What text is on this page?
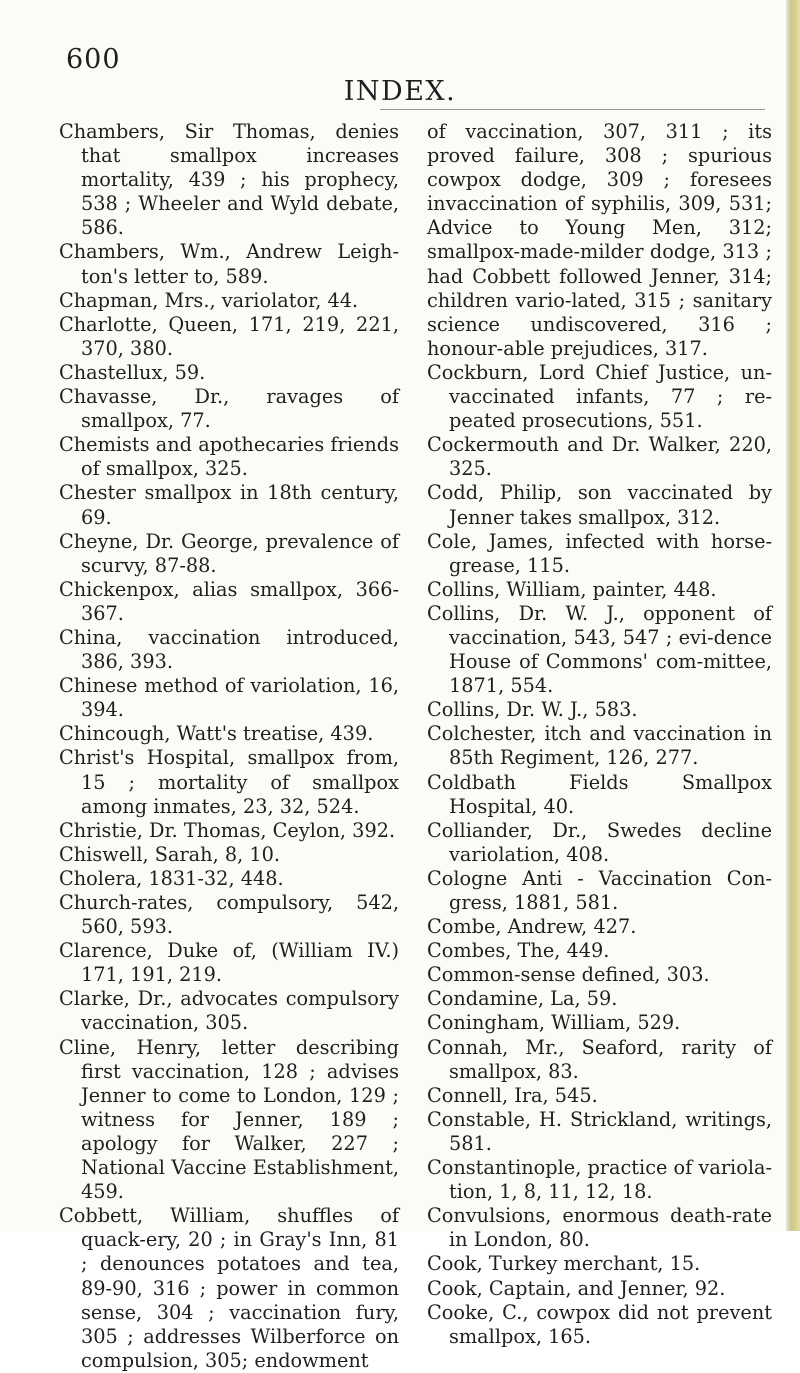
600
INDEX.

Chambers, Sir Thomas, denies that smallpox increases mortality, 439 ; his prophecy, 538 ; Wheeler and Wyld debate, 586.

Chambers, Wm., Andrew Leigh-ton's letter to, 589.

Chapman, Mrs., variolator, 44.

Charlotte, Queen, 171, 219, 221, 370, 380.

Chastellux, 59.

Chavasse, Dr., ravages of smallpox, 77.

Chemists and apothecaries friends of smallpox, 325.

Chester smallpox in 18th century, 69.

Cheyne, Dr. George, prevalence of scurvy, 87-88.

Chickenpox, alias smallpox, 366-367.

China, vaccination introduced, 386, 393.

Chinese method of variolation, 16, 394.

Chincough, Watt's treatise, 439.

Christ's Hospital, smallpox from, 15 ; mortality of smallpox among inmates, 23, 32, 524.

Christie, Dr. Thomas, Ceylon, 392.

Chiswell, Sarah, 8, 10.

Cholera, 1831-32, 448.

Church-rates, compulsory, 542, 560, 593.

Clarence, Duke of, (William IV.) 171, 191, 219.

Clarke, Dr., advocates compulsory vaccination, 305.

Cline, Henry, letter describing first vaccination, 128 ; advises Jenner to come to London, 129 ; witness for Jenner, 189 ; apology for Walker, 227 ; National Vaccine Establishment, 459.

Cobbett, William, shuffles of quack-ery, 20 ; in Gray's Inn, 81 ; denounces potatoes and tea, 89-90, 316 ; power in common sense, 304 ; vaccination fury, 305 ; addresses Wilberforce on compulsion, 305; endowment

of vaccination, 307, 311 ; its proved failure, 308 ; spurious cowpox dodge, 309 ; foresees invaccination of syphilis, 309, 531; Advice to Young Men, 312; smallpox-made-milder dodge, 313 ; had Cobbett followed Jenner, 314; children vario-lated, 315 ; sanitary science undiscovered, 316 ; honour-able prejudices, 317.

Cockburn, Lord Chief Justice, un-vaccinated infants, 77 ; re-peated prosecutions, 551.

Cockermouth and Dr. Walker, 220, 325.

Codd, Philip, son vaccinated by Jenner takes smallpox, 312.

Cole, James, infected with horse-grease, 115.

Collins, William, painter, 448.

Collins, Dr. W. J., opponent of vaccination, 543, 547 ; evi-dence House of Commons' com-mittee, 1871, 554.

Collins, Dr. W. J., 583.

Colchester, itch and vaccination in 85th Regiment, 126, 277.

Coldbath Fields Smallpox Hospital, 40.

Colliander, Dr., Swedes decline variolation, 408.

Cologne Anti - Vaccination Con-gress, 1881, 581.

Combe, Andrew, 427.

Combes, The, 449.

Common-sense defined, 303.

Condamine, La, 59.

Coningham, William, 529.

Connah, Mr., Seaford, rarity of smallpox, 83.

Connell, Ira, 545.

Constable, H. Strickland, writings, 581.

Constantinople, practice of variola-tion, 1, 8, 11, 12, 18.

Convulsions, enormous death-rate in London, 80.

Cook, Turkey merchant, 15.

Cook, Captain, and Jenner, 92.

Cooke, C., cowpox did not prevent smallpox, 165.
